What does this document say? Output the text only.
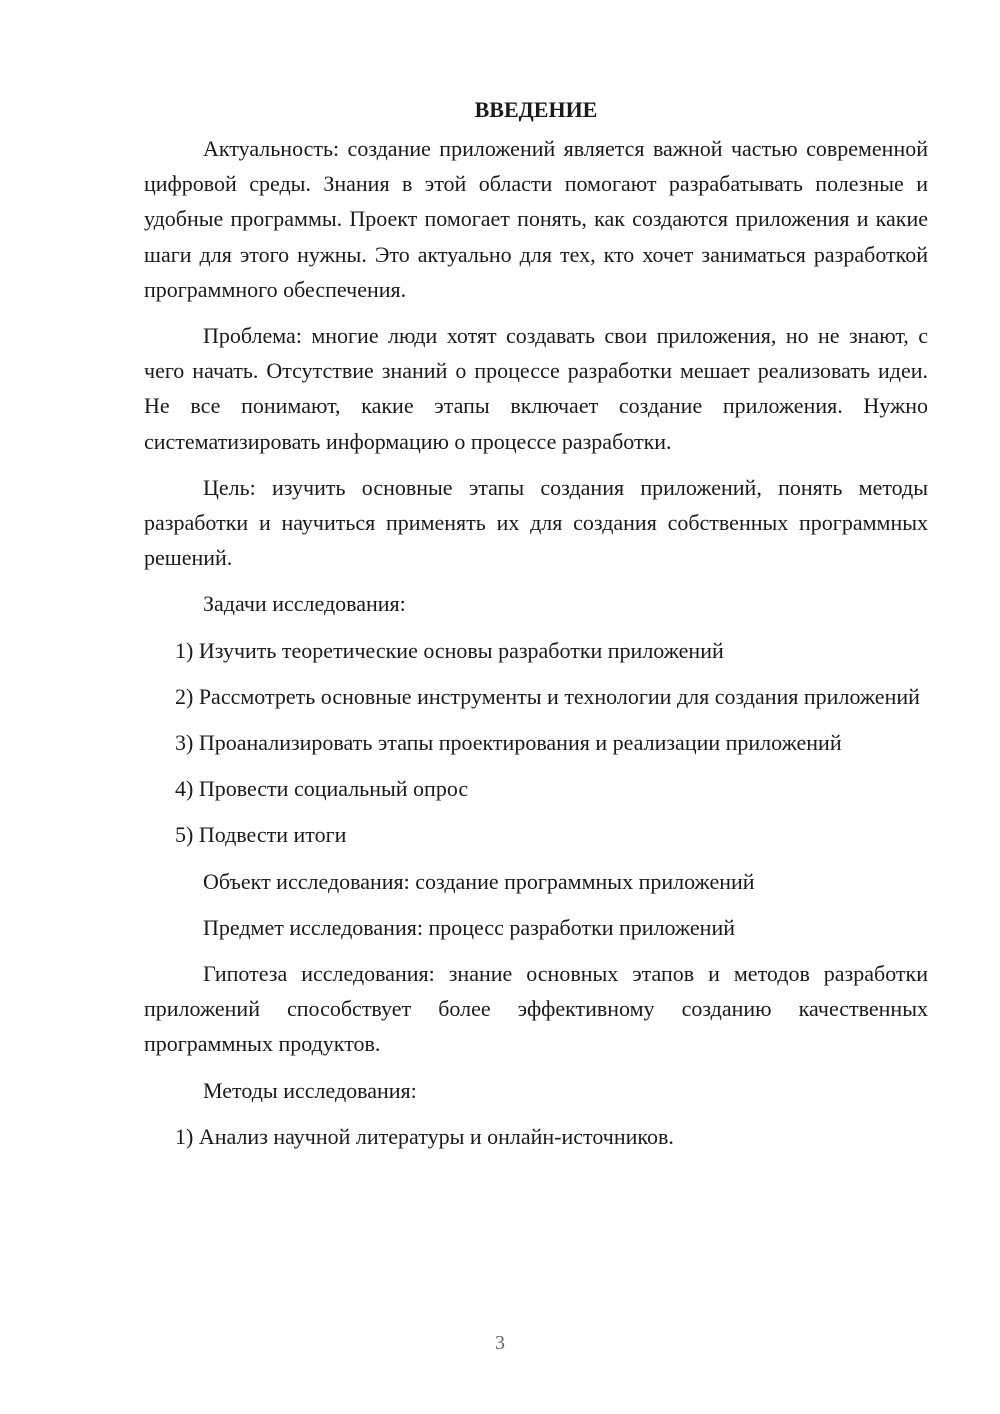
ВВЕДЕНИЕ

Актуальность: создание приложений является важной частью современной цифровой среды. Знания в этой области помогают разрабатывать полезные и удобные программы. Проект помогает понять, как создаются приложения и какие шаги для этого нужны. Это актуально для тех, кто хочет заниматься разработкой программного обеспечения.

Проблема: многие люди хотят создавать свои приложения, но не знают, с чего начать. Отсутствие знаний о процессе разработки мешает реализовать идеи. Не все понимают, какие этапы включает создание приложения. Нужно систематизировать информацию о процессе разработки.

Цель: изучить основные этапы создания приложений, понять методы разработки и научиться применять их для создания собственных программных решений.

Задачи исследования:

1) Изучить теоретические основы разработки приложений

2) Рассмотреть основные инструменты и технологии для создания приложений

3) Проанализировать этапы проектирования и реализации приложений

4) Провести социальный опрос

5) Подвести итоги

Объект исследования: создание программных приложений

Предмет исследования: процесс разработки приложений

Гипотеза исследования: знание основных этапов и методов разработки приложений способствует более эффективному созданию качественных программных продуктов.

Методы исследования:

1) Анализ научной литературы и онлайн-источников.

3
